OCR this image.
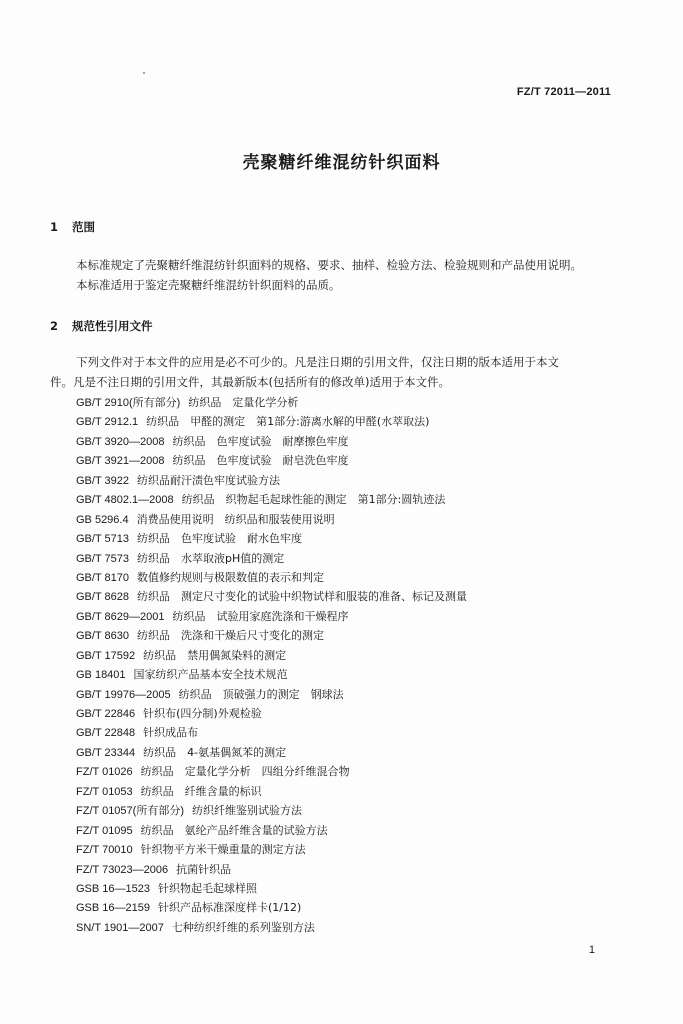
FZ/T 72011—2011
壳聚糖纤维混纺针织面料
1 范围
本标准规定了壳聚糖纤维混纺针织面料的规格、要求、抽样、检验方法、检验规则和产品使用说明。
本标准适用于鉴定壳聚糖纤维混纺针织面料的品质。
2 规范性引用文件
下列文件对于本文件的应用是必不可少的。凡是注日期的引用文件，仅注日期的版本适用于本文
件。凡是不注日期的引用文件，其最新版本(包括所有的修改单)适用于本文件。
GB/T 2910(所有部分) 纺织品　定量化学分析
GB/T 2912.1 纺织品　甲醛的测定　第1部分:游离水解的甲醛(水萃取法)
GB/T 3920—2008 纺织品　色牢度试验　耐摩擦色牢度
GB/T 3921—2008 纺织品　色牢度试验　耐皂洗色牢度
GB/T 3922 纺织品耐汗渍色牢度试验方法
GB/T 4802.1—2008 纺织品　织物起毛起球性能的测定　第1部分:圆轨迹法
GB 5296.4 消费品使用说明　纺织品和服装使用说明
GB/T 5713 纺织品　色牢度试验　耐水色牢度
GB/T 7573 纺织品　水萃取液pH值的测定
GB/T 8170 数值修约规则与极限数值的表示和判定
GB/T 8628 纺织品　测定尺寸变化的试验中织物试样和服装的准备、标记及测量
GB/T 8629—2001 纺织品　试验用家庭洗涤和干燥程序
GB/T 8630 纺织品　洗涤和干燥后尺寸变化的测定
GB/T 17592 纺织品　禁用偶氮染料的测定
GB 18401 国家纺织产品基本安全技术规范
GB/T 19976—2005 纺织品　顶破强力的测定　钢球法
GB/T 22846 针织布(四分制)外观检验
GB/T 22848 针织成品布
GB/T 23344 纺织品　4-氨基偶氮苯的测定
FZ/T 01026 纺织品　定量化学分析　四组分纤维混合物
FZ/T 01053 纺织品　纤维含量的标识
FZ/T 01057(所有部分) 纺织纤维鉴别试验方法
FZ/T 01095 纺织品　氨纶产品纤维含量的试验方法
FZ/T 70010 针织物平方米干燥重量的测定方法
FZ/T 73023—2006 抗菌针织品
GSB 16—1523 针织物起毛起球样照
GSB 16—2159 针织产品标准深度样卡(1/12)
SN/T 1901—2007 七种纺织纤维的系列鉴别方法
1
